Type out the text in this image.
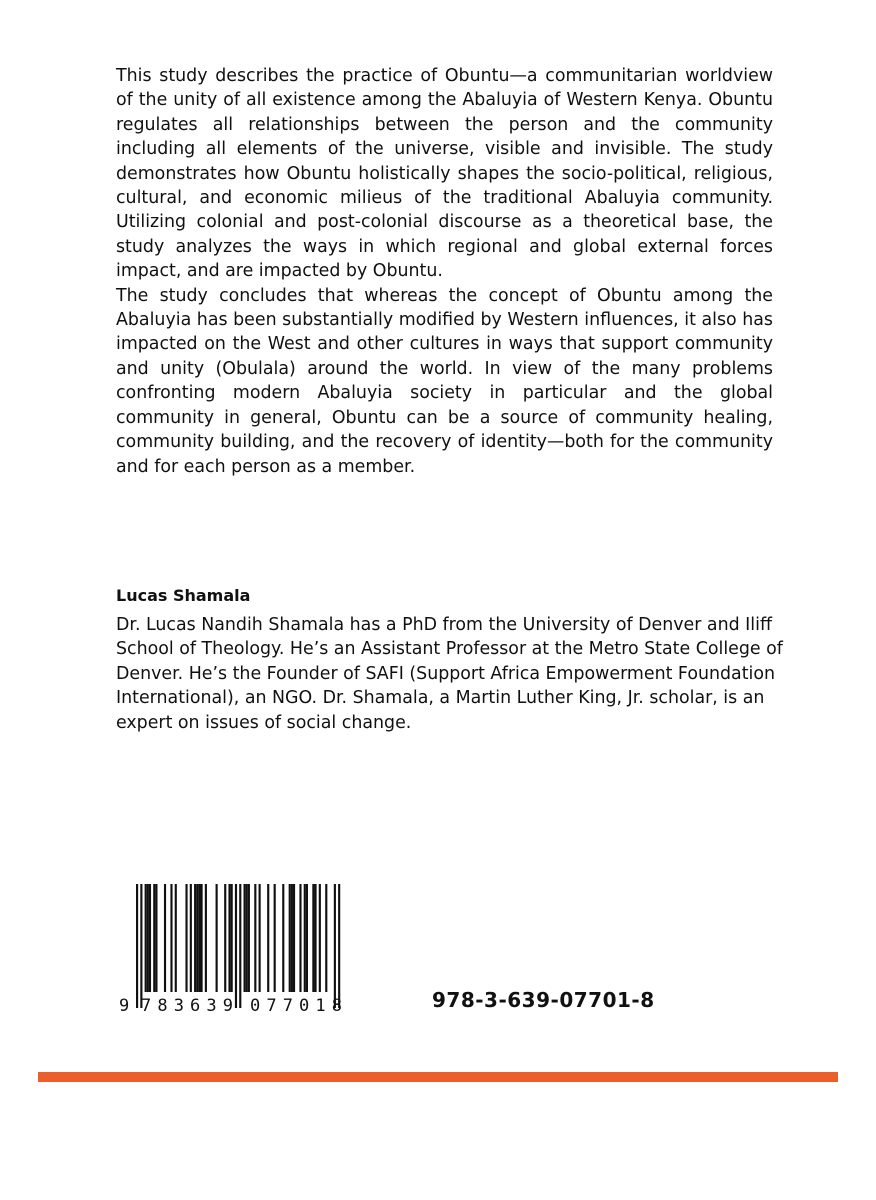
This study describes the practice of Obuntu—a communitarian worldview of the unity of all existence among the Abaluyia of Western Kenya. Obuntu regulates all relationships between the person and the community including all elements of the universe, visible and invisible. The study demonstrates how Obuntu holistically shapes the socio-political, religious, cultural, and economic milieus of the traditional Abaluyia community. Utilizing colonial and post-colonial discourse as a theoretical base, the study analyzes the ways in which regional and global external forces impact, and are impacted by Obuntu.

The study concludes that whereas the concept of Obuntu among the Abaluyia has been substantially modified by Western influences, it also has impacted on the West and other cultures in ways that support community and unity (Obulala) around the world. In view of the many problems confronting modern Abaluyia society in particular and the global community in general, Obuntu can be a source of community healing, community building, and the recovery of identity—both for the community and for each person as a member.

Lucas Shamala

Dr. Lucas Nandih Shamala has a PhD from the University of Denver and Iliff School of Theology. He’s an Assistant Professor at the Metro State College of Denver. He’s the Founder of SAFI (Support Africa Empowerment Foundation International), an NGO. Dr. Shamala, a Martin Luther King, Jr. scholar, is an expert on issues of social change.

9 783639 077018	978-3-639-07701-8
